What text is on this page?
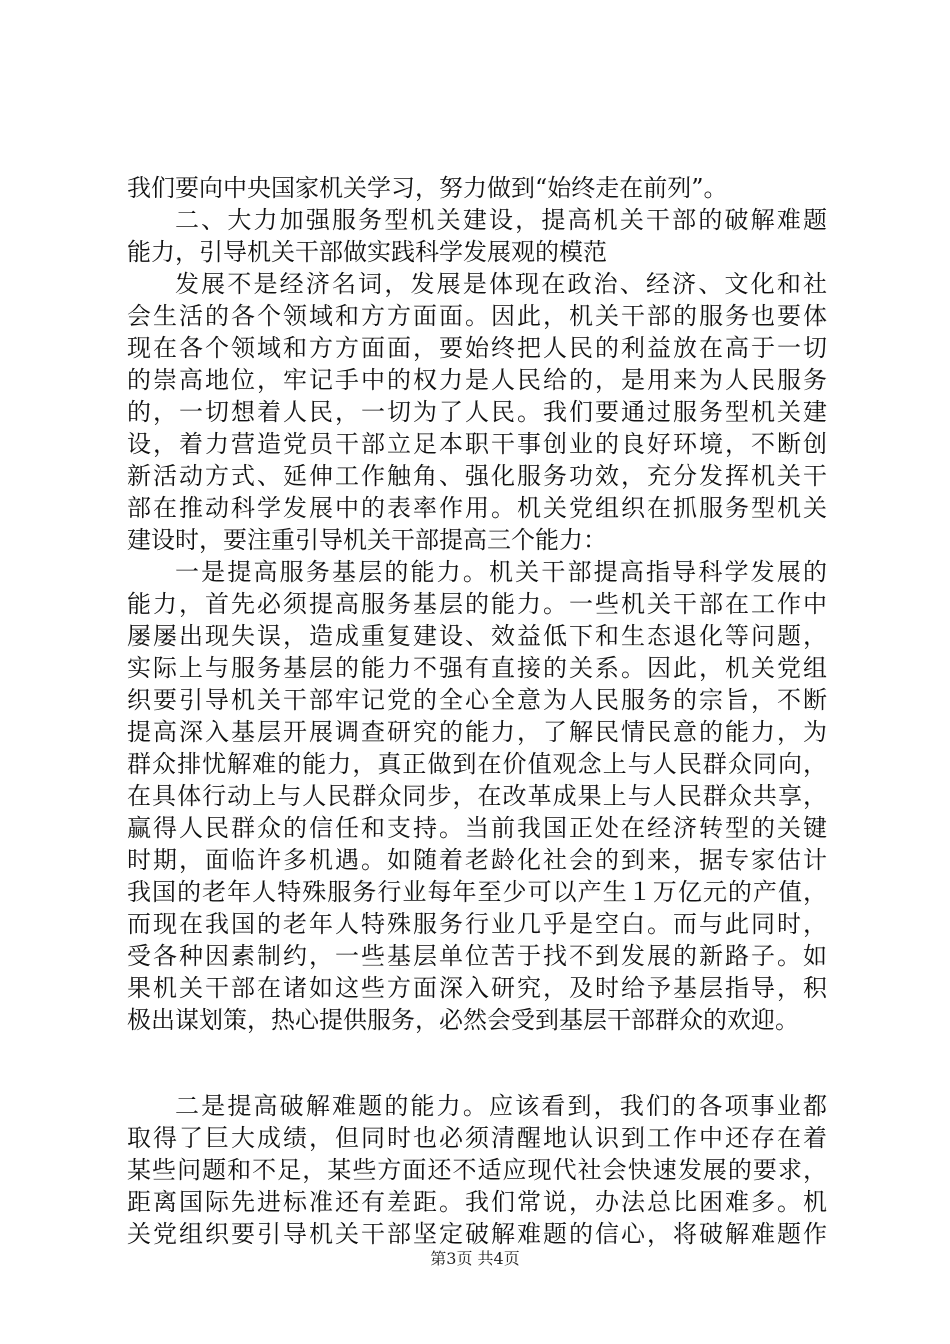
我们要向中央国家机关学习，努力做到“始终走在前列”。
二、大力加强服务型机关建设，提高机关干部的破解难题
能力，引导机关干部做实践科学发展观的模范
发展不是经济名词，发展是体现在政治、经济、文化和社
会生活的各个领域和方方面面。因此，机关干部的服务也要体
现在各个领域和方方面面，要始终把人民的利益放在高于一切
的崇高地位，牢记手中的权力是人民给的，是用来为人民服务
的，一切想着人民，一切为了人民。我们要通过服务型机关建
设，着力营造党员干部立足本职干事创业的良好环境，不断创
新活动方式、延伸工作触角、强化服务功效，充分发挥机关干
部在推动科学发展中的表率作用。机关党组织在抓服务型机关
建设时，要注重引导机关干部提高三个能力：
一是提高服务基层的能力。机关干部提高指导科学发展的
能力，首先必须提高服务基层的能力。一些机关干部在工作中
屡屡出现失误，造成重复建设、效益低下和生态退化等问题，
实际上与服务基层的能力不强有直接的关系。因此，机关党组
织要引导机关干部牢记党的全心全意为人民服务的宗旨，不断
提高深入基层开展调查研究的能力，了解民情民意的能力，为
群众排忧解难的能力，真正做到在价值观念上与人民群众同向，
在具体行动上与人民群众同步，在改革成果上与人民群众共享，
赢得人民群众的信任和支持。当前我国正处在经济转型的关键
时期，面临许多机遇。如随着老龄化社会的到来，据专家估计
我国的老年人特殊服务行业每年至少可以产生１万亿元的产值，
而现在我国的老年人特殊服务行业几乎是空白。而与此同时，
受各种因素制约，一些基层单位苦于找不到发展的新路子。如
果机关干部在诸如这些方面深入研究，及时给予基层指导，积
极出谋划策，热心提供服务，必然会受到基层干部群众的欢迎。
二是提高破解难题的能力。应该看到，我们的各项事业都
取得了巨大成绩，但同时也必须清醒地认识到工作中还存在着
某些问题和不足，某些方面还不适应现代社会快速发展的要求，
距离国际先进标准还有差距。我们常说，办法总比困难多。机
关党组织要引导机关干部坚定破解难题的信心，将破解难题作
第3页 共4页
